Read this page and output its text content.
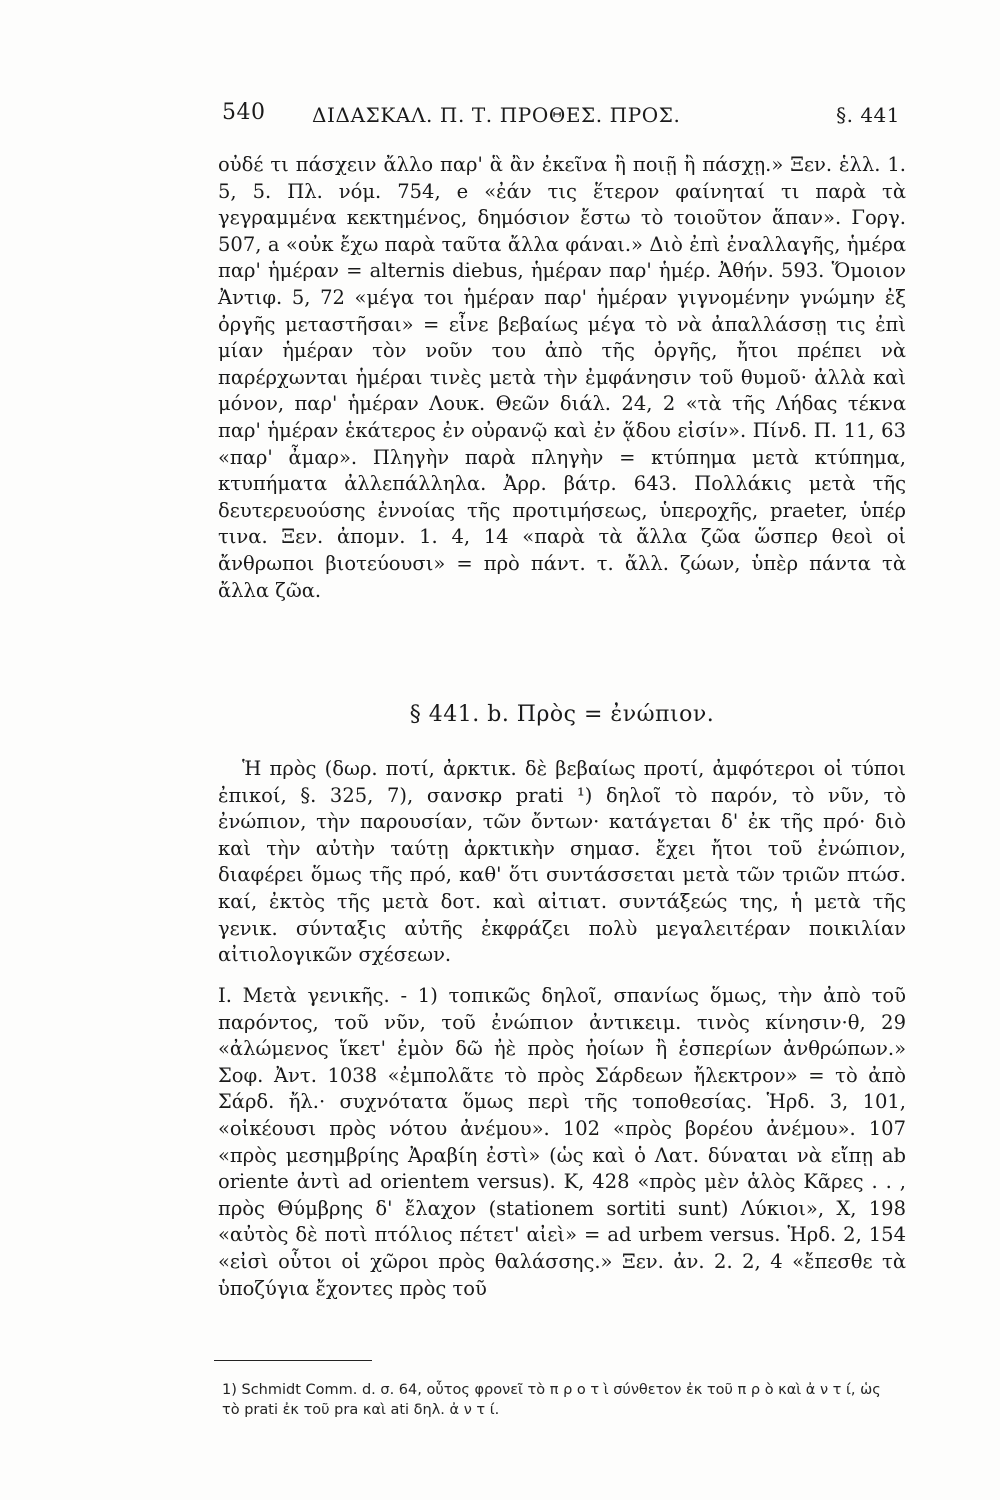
540 ΔΙΔΑΣΚΑΛ. Π. Τ. ΠΡΟΘΕΣ. ΠΡΟΣ.	§. 441

οὐδέ τι πάσχειν ἄλλο παρ' ἃ ἂν ἐκεῖνα ἢ ποιῇ ἢ πάσχῃ.» Ξεν. ἑλλ. 1. 5, 5. Πλ. νόμ. 754, e «ἐάν τις ἕτερον φαίνηταί τι παρὰ τὰ γεγραμμένα κεκτημένος, δημόσιον ἔστω τὸ τοιοῦτον ἅπαν». Γοργ. 507, a «οὐκ ἔχω παρὰ ταῦτα ἄλλα φάναι.» Διὸ ἐπὶ ἐναλλαγῆς, ἡμέρα παρ' ἡμέραν = alternis diebus, ἡμέραν παρ' ἡμέρ. Ἀθήν. 593. Ὅμοιον Ἀντιφ. 5, 72 «μέγα τοι ἡμέραν παρ' ἡμέραν γιγνομένην γνώμην ἐξ ὀργῆς μεταστῆσαι» = εἶνε βεβαίως μέγα τὸ νὰ ἀπαλλάσσῃ τις ἐπὶ μίαν ἡμέραν τὸν νοῦν του ἀπὸ τῆς ὀργῆς, ἤτοι πρέπει νὰ παρέρχωνται ἡμέραι τινὲς μετὰ τὴν ἐμφάνησιν τοῦ θυμοῦ· ἀλλὰ καὶ μόνον, παρ' ἡμέραν Λουκ. Θεῶν διάλ. 24, 2 «τὰ τῆς Λήδας τέκνα παρ' ἡμέραν ἑκάτερος ἐν οὐρανῷ καὶ ἐν ᾅδου εἰσίν». Πίνδ. Π. 11, 63 «παρ' ἆμαρ». Πληγὴν παρὰ πληγὴν = κτύπημα μετὰ κτύπημα, κτυπήματα ἀλλεπάλληλα. Ἀρρ. βάτρ. 643. Πολλάκις μετὰ τῆς δευτερευούσης ἐννοίας τῆς προτιμήσεως, ὑπεροχῆς, praeter, ὑπέρ τινα. Ξεν. ἀπομν. 1. 4, 14 «παρὰ τὰ ἄλλα ζῶα ὥσπερ θεοὶ οἱ ἄνθρωποι βιοτεύουσι» = πρὸ πάντ. τ. ἄλλ. ζώων, ὑπὲρ πάντα τὰ ἄλλα ζῶα.

§ 441. b. Πρὸς = ἐνώπιον.

Ἡ πρὸς (δωρ. ποτί, ἀρκτικ. δὲ βεβαίως προτί, ἀμφότεροι οἱ τύποι ἐπικοί, §. 325, 7), σανσκρ prati ¹) δηλοῖ τὸ παρόν, τὸ νῦν, τὸ ἐνώπιον, τὴν παρουσίαν, τῶν ὄντων· κατάγεται δ' ἐκ τῆς πρό· διὸ καὶ τὴν αὐτὴν ταύτῃ ἀρκτικὴν σημασ. ἔχει ἤτοι τοῦ ἐνώπιον, διαφέρει ὅμως τῆς πρό, καθ' ὅτι συντάσσεται μετὰ τῶν τριῶν πτώσ. καί, ἐκτὸς τῆς μετὰ δοτ. καὶ αἰτιατ. συντάξεώς της, ἡ μετὰ τῆς γενικ. σύνταξις αὐτῆς ἐκφράζει πολὺ μεγαλειτέραν ποικιλίαν αἰτιολογικῶν σχέσεων.

I. Μετὰ γενικῆς. - 1) τοπικῶς δηλοῖ, σπανίως ὅμως, τὴν ἀπὸ τοῦ παρόντος, τοῦ νῦν, τοῦ ἐνώπιον ἀντικειμ. τινὸς κίνησιν·θ, 29 «ἀλώμενος ἵκετ' ἐμὸν δῶ ἠὲ πρὸς ἠοίων ἢ ἑσπερίων ἀνθρώπων.» Σοφ. Ἀντ. 1038 «ἐμπολᾶτε τὸ πρὸς Σάρδεων ἤλεκτρον» = τὸ ἀπὸ Σάρδ. ἤλ.· συχνότατα ὅμως περὶ τῆς τοποθεσίας. Ἡρδ. 3, 101, «οἰκέουσι πρὸς νότου ἀνέμου». 102 «πρὸς βορέου ἀνέμου». 107 «πρὸς μεσημβρίης Ἀραβίη ἐστὶ» (ὡς καὶ ὁ Λατ. δύναται νὰ εἴπῃ ab oriente ἀντὶ ad orientem versus). Κ, 428 «πρὸς μὲν ἁλὸς Κᾶρες . . , πρὸς Θύμβρης δ' ἔλαχον (stationem sortiti sunt) Λύκιοι», Χ, 198 «αὐτὸς δὲ ποτὶ πτόλιος πέτετ' αἰεὶ» = ad urbem versus. Ἡρδ. 2, 154 «εἰσὶ οὗτοι οἱ χῶροι πρὸς θαλάσσης.» Ξεν. ἀν. 2. 2, 4 «ἔπεσθε τὰ ὑποζύγια ἔχοντες πρὸς τοῦ

1) Schmidt Comm. d. σ. 64, οὗτος φρονεῖ τὸ π ρ ο τ ὶ σύνθετον ἐκ τοῦ π ρ ὸ καὶ ἀ ν τ ί, ὡς τὸ prati ἐκ τοῦ pra καὶ ati δηλ. ἀ ν τ ί.
